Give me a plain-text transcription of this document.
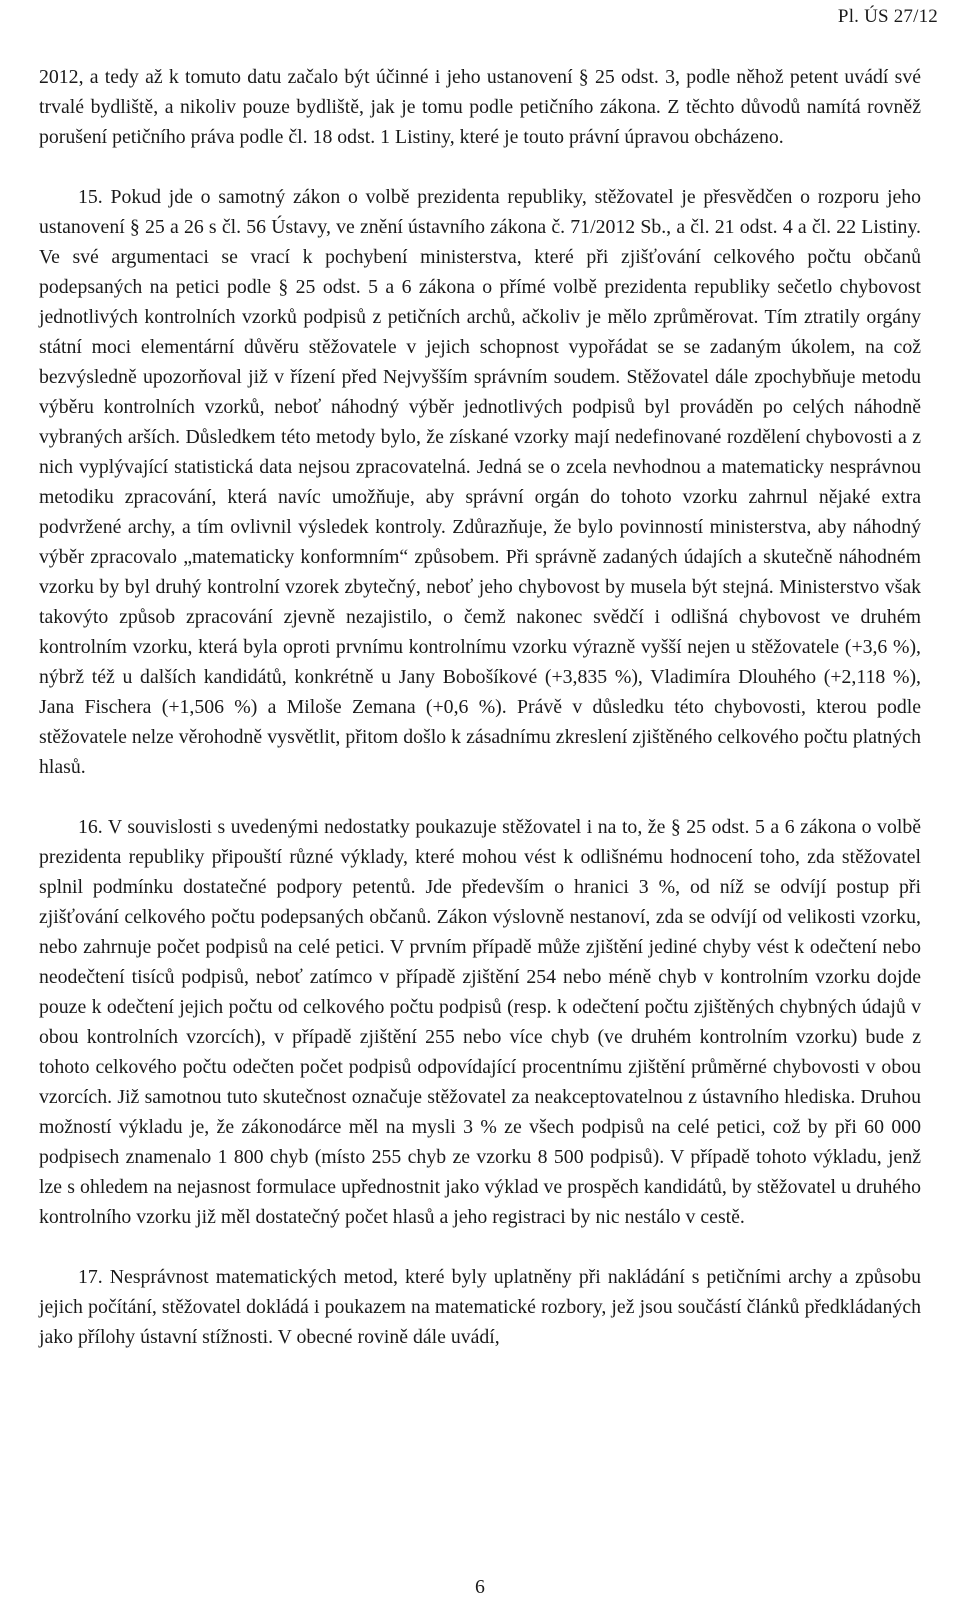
Pl. ÚS 27/12

2012, a tedy až k tomuto datu začalo být účinné i jeho ustanovení § 25 odst. 3, podle něhož petent uvádí své trvalé bydliště, a nikoliv pouze bydliště, jak je tomu podle petičního zákona. Z těchto důvodů namítá rovněž porušení petičního práva podle čl. 18 odst. 1 Listiny, které je touto právní úpravou obcházeno.

15. Pokud jde o samotný zákon o volbě prezidenta republiky, stěžovatel je přesvědčen o rozporu jeho ustanovení § 25 a 26 s čl. 56 Ústavy, ve znění ústavního zákona č. 71/2012 Sb., a čl. 21 odst. 4 a čl. 22 Listiny. Ve své argumentaci se vrací k pochybení ministerstva, které při zjišťování celkového počtu občanů podepsaných na petici podle § 25 odst. 5 a 6 zákona o přímé volbě prezidenta republiky sečetlo chybovost jednotlivých kontrolních vzorků podpisů z petičních archů, ačkoliv je mělo zprůměrovat. Tím ztratily orgány státní moci elementární důvěru stěžovatele v jejich schopnost vypořádat se se zadaným úkolem, na což bezvýsledně upozorňoval již v řízení před Nejvyšším správním soudem. Stěžovatel dále zpochybňuje metodu výběru kontrolních vzorků, neboť náhodný výběr jednotlivých podpisů byl prováděn po celých náhodně vybraných arších. Důsledkem této metody bylo, že získané vzorky mají nedefinované rozdělení chybovosti a z nich vyplývající statistická data nejsou zpracovatelná. Jedná se o zcela nevhodnou a matematicky nesprávnou metodiku zpracování, která navíc umožňuje, aby správní orgán do tohoto vzorku zahrnul nějaké extra podvržené archy, a tím ovlivnil výsledek kontroly. Zdůrazňuje, že bylo povinností ministerstva, aby náhodný výběr zpracovalo „matematicky konformním“ způsobem. Při správně zadaných údajích a skutečně náhodném vzorku by byl druhý kontrolní vzorek zbytečný, neboť jeho chybovost by musela být stejná. Ministerstvo však takovýto způsob zpracování zjevně nezajistilo, o čemž nakonec svědčí i odlišná chybovost ve druhém kontrolním vzorku, která byla oproti prvnímu kontrolnímu vzorku výrazně vyšší nejen u stěžovatele (+3,6 %), nýbrž též u dalších kandidátů, konkrétně u Jany Bobošíkové (+3,835 %), Vladimíra Dlouhého (+2,118 %), Jana Fischera (+1,506 %) a Miloše Zemana (+0,6 %). Právě v důsledku této chybovosti, kterou podle stěžovatele nelze věrohodně vysvětlit, přitom došlo k zásadnímu zkreslení zjištěného celkového počtu platných hlasů.

16. V souvislosti s uvedenými nedostatky poukazuje stěžovatel i na to, že § 25 odst. 5 a 6 zákona o volbě prezidenta republiky připouští různé výklady, které mohou vést k odlišnému hodnocení toho, zda stěžovatel splnil podmínku dostatečné podpory petentů. Jde především o hranici 3 %, od níž se odvíjí postup při zjišťování celkového počtu podepsaných občanů. Zákon výslovně nestanoví, zda se odvíjí od velikosti vzorku, nebo zahrnuje počet podpisů na celé petici. V prvním případě může zjištění jediné chyby vést k odečtení nebo neodečtení tisíců podpisů, neboť zatímco v případě zjištění 254 nebo méně chyb v kontrolním vzorku dojde pouze k odečtení jejich počtu od celkového počtu podpisů (resp. k odečtení počtu zjištěných chybných údajů v obou kontrolních vzorcích), v případě zjištění 255 nebo více chyb (ve druhém kontrolním vzorku) bude z tohoto celkového počtu odečten počet podpisů odpovídající procentnímu zjištění průměrné chybovosti v obou vzorcích. Již samotnou tuto skutečnost označuje stěžovatel za neakceptovatelnou z ústavního hlediska. Druhou možností výkladu je, že zákonodárce měl na mysli 3 % ze všech podpisů na celé petici, což by při 60 000 podpisech znamenalo 1 800 chyb (místo 255 chyb ze vzorku 8 500 podpisů). V případě tohoto výkladu, jenž lze s ohledem na nejasnost formulace upřednostnit jako výklad ve prospěch kandidátů, by stěžovatel u druhého kontrolního vzorku již měl dostatečný počet hlasů a jeho registraci by nic nestálo v cestě.

17. Nesprávnost matematických metod, které byly uplatněny při nakládání s petičními archy a způsobu jejich počítání, stěžovatel dokládá i poukazem na matematické rozbory, jež jsou součástí článků předkládaných jako přílohy ústavní stížnosti. V obecné rovině dále uvádí,

6
